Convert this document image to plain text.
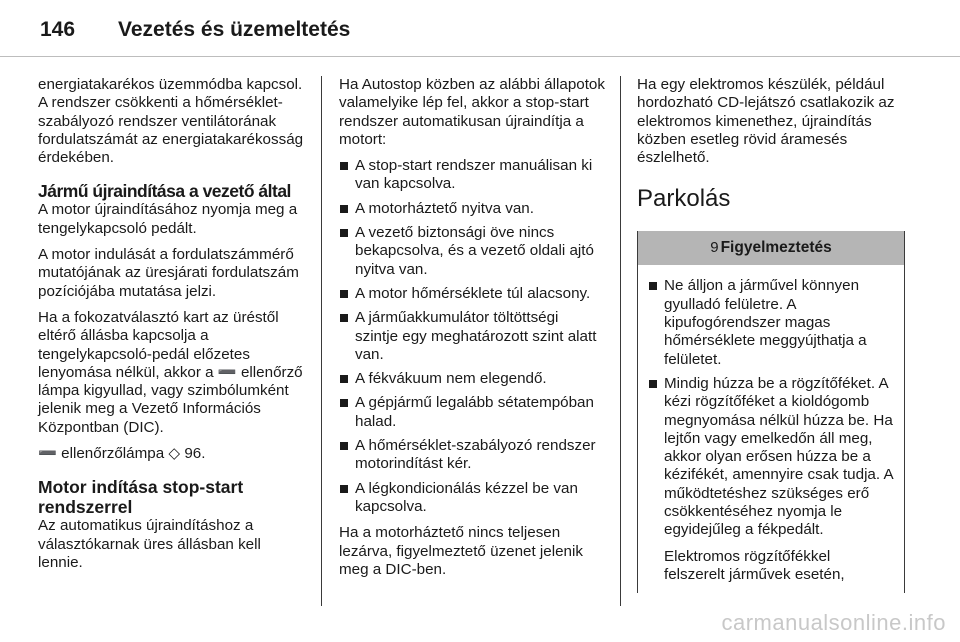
146 Vezetés és üzemeltetés

energiatakarékos üzemmódba kapcsol. A rendszer csökkenti a hőmérséklet-szabályozó rendszer ventilátorának fordulatszámát az energiatakarékosság érdekében.

Jármű újraindítása a vezető által

A motor újraindításához nyomja meg a tengelykapcsoló pedált.

A motor indulását a fordulatszámmérő mutatójának az üresjárati fordulatszám pozíciójába mutatása jelzi.

Ha a fokozatválasztó kart az üréstől eltérő állásba kapcsolja a tengelykapcsoló-pedál előzetes lenyomása nélkül, akkor a ➖ ellenőrző lámpa kigyullad, vagy szimbólumként jelenik meg a Vezető Információs Központban (DIC).

➖ ellenőrzőlámpa ◇ 96.

Motor indítása stop-start rendszerrel

Az automatikus újraindításhoz a választókarnak üres állásban kell lennie.

Ha Autostop közben az alábbi állapotok valamelyike lép fel, akkor a stop-start rendszer automatikusan újraindítja a motort:

A stop-start rendszer manuálisan ki van kapcsolva.
A motorháztető nyitva van.
A vezető biztonsági öve nincs bekapcsolva, és a vezető oldali ajtó nyitva van.
A motor hőmérséklete túl alacsony.
A járműakkumulátor töltöttségi szintje egy meghatározott szint alatt van.
A fékvákuum nem elegendő.
A gépjármű legalább sétatempóban halad.
A hőmérséklet-szabályozó rendszer motorindítást kér.
A légkondicionálás kézzel be van kapcsolva.

Ha a motorháztető nincs teljesen lezárva, figyelmeztető üzenet jelenik meg a DIC-ben.

Ha egy elektromos készülék, például hordozható CD-lejátszó csatlakozik az elektromos kimenethez, újraindítás közben esetleg rövid áramesés észlelhető.

Parkolás
9 Figyelmeztetés
Ne álljon a járművel könnyen gyulladó felületre. A kipufogórendszer magas hőmérséklete meggyújthatja a felületet.
Mindig húzza be a rögzítőféket. A kézi rögzítőféket a kioldógomb megnyomása nélkül húzza be. Ha lejtőn vagy emelkedőn áll meg, akkor olyan erősen húzza be a kézifékét, amennyire csak tudja. A működtetéshez szükséges erő csökkentéséhez nyomja le egyidejűleg a fékpedált.

Elektromos rögzítőfékkel felszerelt járművek esetén,

carmanualsonline.info
